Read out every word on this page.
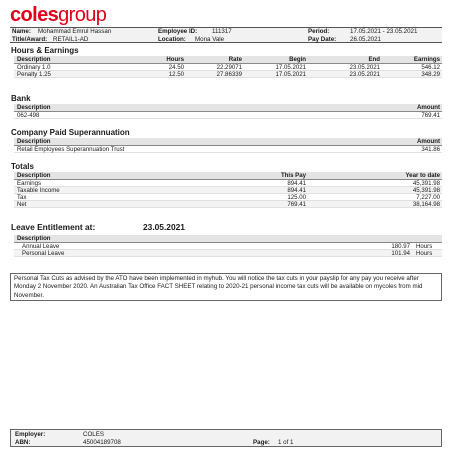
colesgroup
Name: Mohammad Emrul Hassan	Employee ID: 111317	Period:	17.05.2021 - 23.05.2021
Title/Award: RETAIL1-AD	Location: Mona Vale	Pay Date: 26.05.2021
Hours & Earnings
Description	Hours	Rate	Begin	End	Earnings
Ordinary 1.0	24.50	22.29071	17.05.2021	23.05.2021	546.12
Penalty 1.25	12.50	27.86339	17.05.2021	23.05.2021	348.29
Bank
Description	Amount
062-498	769.41
Company Paid Superannuation
Description	Amount
Retail Employees Superannuation Trust	341.86
Totals
Description	This Pay	Year to date
Earnings	894.41	45,391.98
Taxable Income	894.41	45,391.98
Tax	125.00	7,227.00
Net	769.41	38,164.98
Leave Entitlement at:	23.05.2021
Description
Annual Leave	180.97 Hours
Personal Leave	101.94 Hours
Personal Tax Cuts as advised by the ATO have been implemented in myhub. You will notice the tax cuts in your payslip for any pay you receive after Monday 2 November 2020. An Australian Tax Office FACT SHEET relating to 2020-21 personal income tax cuts will be available on mycoles from mid November.
Employer:	COLES
ABN:	45004189708	Page: 1 of 1
